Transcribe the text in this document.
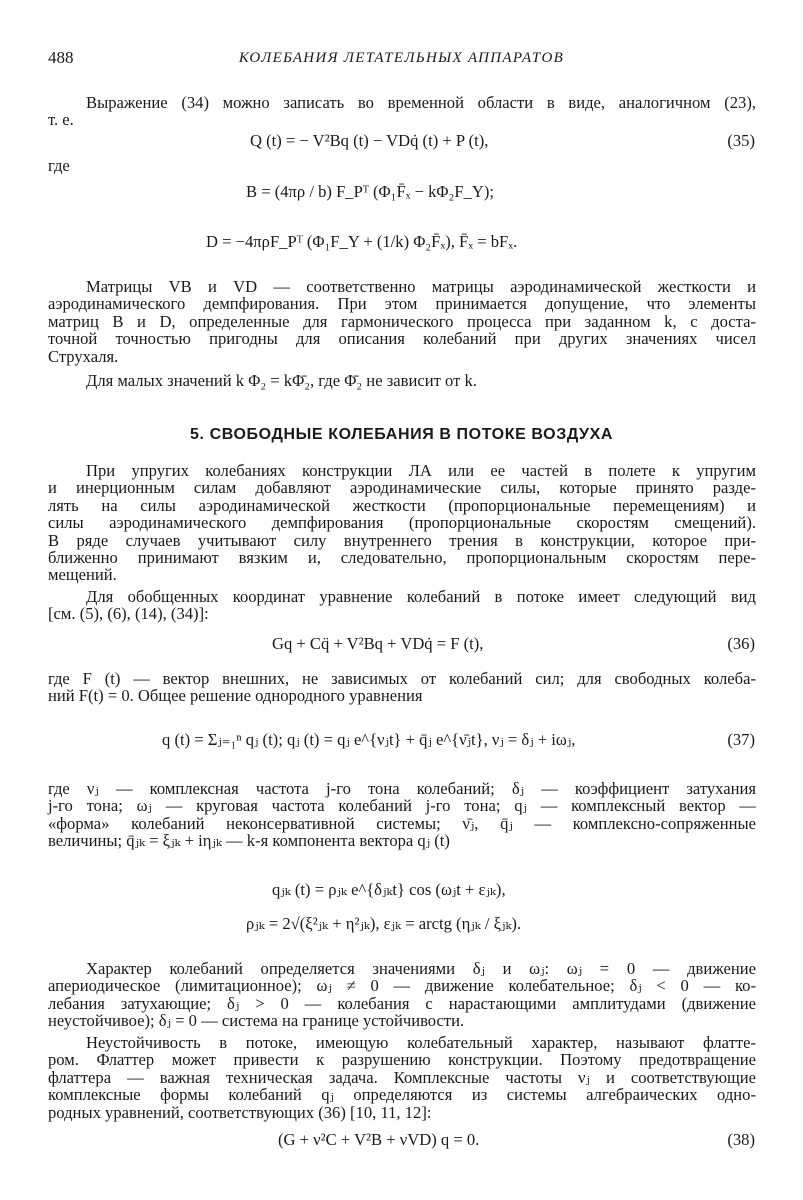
488	КОЛЕБАНИЯ ЛЕТАТЕЛЬНЫХ АППАРАТОВ

Выражение (34) можно записать во временной области в виде, аналогичном (23),
т. е.

Q (t) = − V²Bq (t) − VDq̇ (t) + P (t),	(35)
где
B = (4πρ / b) F_Pᵀ (Φ₁F̄ₓ − kΦ₂F_Y);
D = −4πρF_Pᵀ (Φ₁F_Y + (1/k) Φ₂F̄ₓ), F̄ₓ = bFₓ.

Матрицы VB и VD — соответственно матрицы аэродинамической жесткости и
аэродинамического демпфирования. При этом принимается допущение, что элементы
матриц B и D, определенные для гармонического процесса при заданном k, с доста-
точной точностью пригодны для описания колебаний при других значениях чисел
Струхаля.

Для малых значений k Φ₂ = kΦ̄₂, где Φ̄₂ не зависит от k.

5. СВОБОДНЫЕ КОЛЕБАНИЯ В ПОТОКЕ ВОЗДУХА

При упругих колебаниях конструкции ЛА или ее частей в полете к упругим
и инерционным силам добавляют аэродинамические силы, которые принято разде-
лять на силы аэродинамической жесткости (пропорциональные перемещениям) и
силы аэродинамического демпфирования (пропорциональные скоростям смещений).
В ряде случаев учитывают силу внутреннего трения в конструкции, которое при-
ближенно принимают вязким и, следовательно, пропорциональным скоростям пере-
мещений.

Для обобщенных координат уравнение колебаний в потоке имеет следующий вид
[см. (5), (6), (14), (34)]:

Gq + Cq̈ + V²Bq + VDq̇ = F (t),	(36)

где F (t) — вектор внешних, не зависимых от колебаний сил; для свободных колеба-
ний F(t) = 0. Общее решение однородного уравнения

q (t) = Σⱼ₌₁ⁿ qⱼ (t); qⱼ (t) = qⱼ e^{νⱼt} + q̄ⱼ e^{ν̄ⱼt}, νⱼ = δⱼ + iωⱼ,	(37)

где νⱼ — комплексная частота j-го тона колебаний; δⱼ — коэффициент затухания
j-го тона; ωⱼ — круговая частота колебаний j-го тона; qⱼ — комплексный вектор —
«форма» колебаний неконсервативной системы; ν̄ⱼ, q̄ⱼ — комплексно-сопряженные
величины; q̄ⱼₖ = ξⱼₖ + iηⱼₖ — k-я компонента вектора qⱼ (t)

qⱼₖ (t) = ρⱼₖ e^{δⱼₖt} cos (ωⱼt + εⱼₖ),
ρⱼₖ = 2√(ξ²ⱼₖ + η²ⱼₖ), εⱼₖ = arctg (ηⱼₖ / ξⱼₖ).

Характер колебаний определяется значениями δⱼ и ωⱼ: ωⱼ = 0 — движение
апериодическое (лимитационное); ωⱼ ≠ 0 — движение колебательное; δⱼ < 0 — ко-
лебания затухающие; δⱼ > 0 — колебания с нарастающими амплитудами (движение
неустойчивое); δⱼ = 0 — система на границе устойчивости.

Неустойчивость в потоке, имеющую колебательный характер, называют флатте-
ром. Флаттер может привести к разрушению конструкции. Поэтому предотвращение
флаттера — важная техническая задача. Комплексные частоты νⱼ и соответствующие
комплексные формы колебаний qⱼ определяются из системы алгебраических одно-
родных уравнений, соответствующих (36) [10, 11, 12]:

(G + ν²C + V²B + νVD) q = 0.	(38)
